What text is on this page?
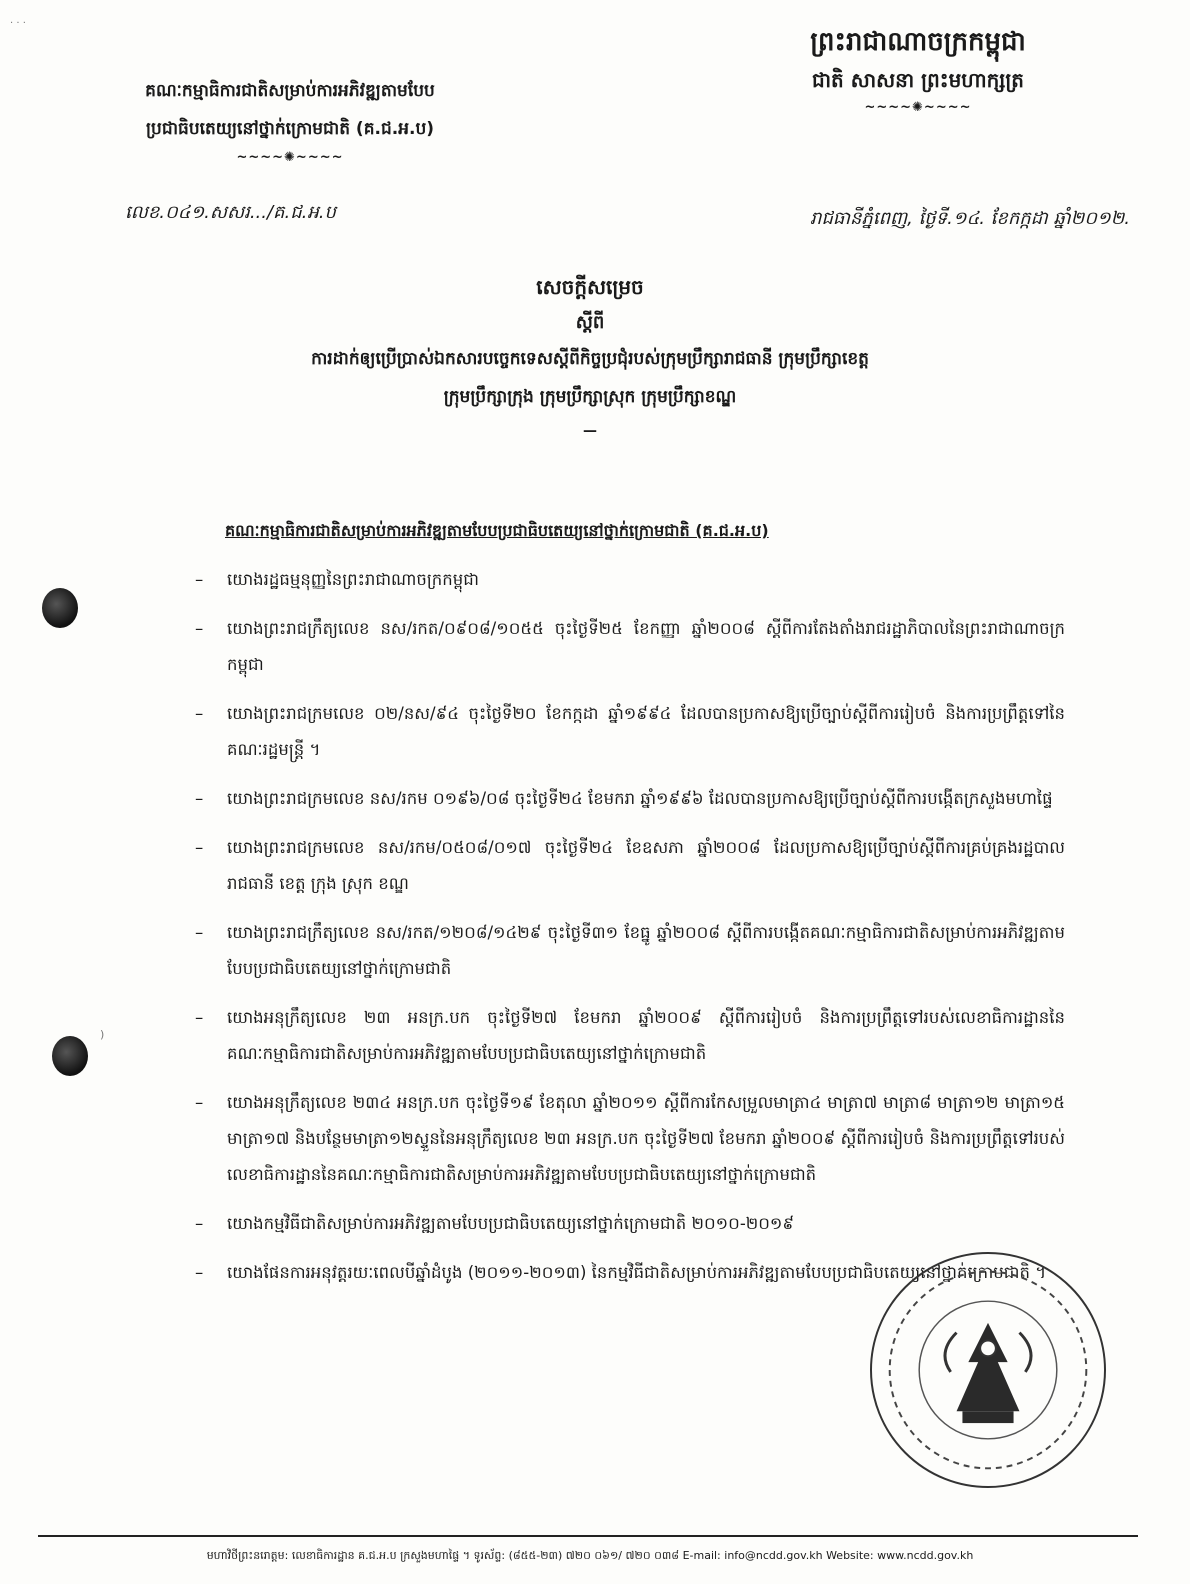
· · ·
គណៈកម្មាធិការជាតិសម្រាប់ការអភិវឌ្ឍតាមបែប
ប្រជាធិបតេយ្យនៅថ្នាក់ក្រោមជាតិ (គ.ជ.អ.ប)
~~~~✺~~~~
ព្រះរាជាណាចក្រកម្ពុជា
ជាតិ សាសនា ព្រះមហាក្សត្រ
~~~~✺~~~~
លេខ.០៤១.សសរ.../គ.ជ.អ.ប	រាជធានីភ្នំពេញ, ថ្ងៃទី.១៤. ខែកក្កដា ឆ្នាំ២០១២.
សេចក្តីសម្រេច
ស្តីពី
ការដាក់ឲ្យប្រើប្រាស់ឯកសារបច្ចេកទេសស្តីពីកិច្ចប្រជុំរបស់ក្រុមប្រឹក្សារាជធានី ក្រុមប្រឹក្សាខេត្ត
ក្រុមប្រឹក្សាក្រុង ក្រុមប្រឹក្សាស្រុក ក្រុមប្រឹក្សាខណ្ឌ
—
គណៈកម្មាធិការជាតិសម្រាប់ការអភិវឌ្ឍតាមបែបប្រជាធិបតេយ្យនៅថ្នាក់ក្រោមជាតិ (គ.ជ.អ.ប)
– យោងរដ្ឋធម្មនុញ្ញនៃព្រះរាជាណាចក្រកម្ពុជា
– យោងព្រះរាជក្រឹត្យលេខ នស/រកត/០៩០៨/១០៥៥ ចុះថ្ងៃទី២៥ ខែកញ្ញា ឆ្នាំ២០០៨ ស្តីពីការតែងតាំងរាជរដ្ឋាភិបាលនៃព្រះរាជាណាចក្រកម្ពុជា
– យោងព្រះរាជក្រមលេខ ០២/នស/៩៤ ចុះថ្ងៃទី២០ ខែកក្កដា ឆ្នាំ១៩៩៤ ដែលបានប្រកាសឱ្យប្រើច្បាប់ស្តីពីការរៀបចំ និងការប្រព្រឹត្តទៅនៃគណៈរដ្ឋមន្ត្រី ។
– យោងព្រះរាជក្រមលេខ នស/រកម ០១៩៦/០៨ ចុះថ្ងៃទី២៤ ខែមករា ឆ្នាំ១៩៩៦ ដែលបានប្រកាសឱ្យប្រើច្បាប់ស្តីពីការបង្កើតក្រសួងមហាផ្ទៃ
– យោងព្រះរាជក្រមលេខ នស/រកម/០៥០៨/០១៧ ចុះថ្ងៃទី២៤ ខែឧសភា ឆ្នាំ២០០៨ ដែលប្រកាសឱ្យប្រើច្បាប់ស្តីពីការគ្រប់គ្រងរដ្ឋបាលរាជធានី ខេត្ត ក្រុង ស្រុក ខណ្ឌ
– យោងព្រះរាជក្រឹត្យលេខ នស/រកត/១២០៨/១៤២៩ ចុះថ្ងៃទី៣១ ខែធ្នូ ឆ្នាំ២០០៨ ស្តីពីការបង្កើតគណៈកម្មាធិការជាតិសម្រាប់ការអភិវឌ្ឍតាមបែបប្រជាធិបតេយ្យនៅថ្នាក់ក្រោមជាតិ
– យោងអនុក្រឹត្យលេខ ២៣ អនក្រ.បក ចុះថ្ងៃទី២៧ ខែមករា ឆ្នាំ២០០៩ ស្តីពីការរៀបចំ និងការប្រព្រឹត្តទៅរបស់លេខាធិការដ្ឋាននៃគណៈកម្មាធិការជាតិសម្រាប់ការអភិវឌ្ឍតាមបែបប្រជាធិបតេយ្យនៅថ្នាក់ក្រោមជាតិ
– យោងអនុក្រឹត្យលេខ ២៣៤ អនក្រ.បក ចុះថ្ងៃទី១៩ ខែតុលា ឆ្នាំ២០១១ ស្តីពីការកែសម្រួលមាត្រា៤ មាត្រា៧ មាត្រា៨ មាត្រា១២ មាត្រា១៥ មាត្រា១៧ និងបន្ថែមមាត្រា១២ស្ទួននៃអនុក្រឹត្យលេខ ២៣ អនក្រ.បក ចុះថ្ងៃទី២៧ ខែមករា ឆ្នាំ២០០៩ ស្តីពីការរៀបចំ និងការប្រព្រឹត្តទៅរបស់លេខាធិការដ្ឋាននៃគណៈកម្មាធិការជាតិសម្រាប់ការអភិវឌ្ឍតាមបែបប្រជាធិបតេយ្យនៅថ្នាក់ក្រោមជាតិ
– យោងកម្មវិធីជាតិសម្រាប់ការអភិវឌ្ឍតាមបែបប្រជាធិបតេយ្យនៅថ្នាក់ក្រោមជាតិ ២០១០-២០១៩
– យោងផែនការអនុវត្តរយៈពេលបីឆ្នាំដំបូង (២០១១-២០១៣) នៃកម្មវិធីជាតិសម្រាប់ការអភិវឌ្ឍតាមបែបប្រជាធិបតេយ្យនៅថ្នាក់ក្រោមជាតិ ។
)
មហាវិថីព្រះនរោត្តម: លេខាធិការដ្ឋាន គ.ជ.អ.ប ក្រសួងមហាផ្ទៃ ។ ទូរស័ព្ទ: (៨៥៥-២៣) ៧២០ ០៦១/ ៧២០ ០៣៨ E-mail: info@ncdd.gov.kh Website: www.ncdd.gov.kh
